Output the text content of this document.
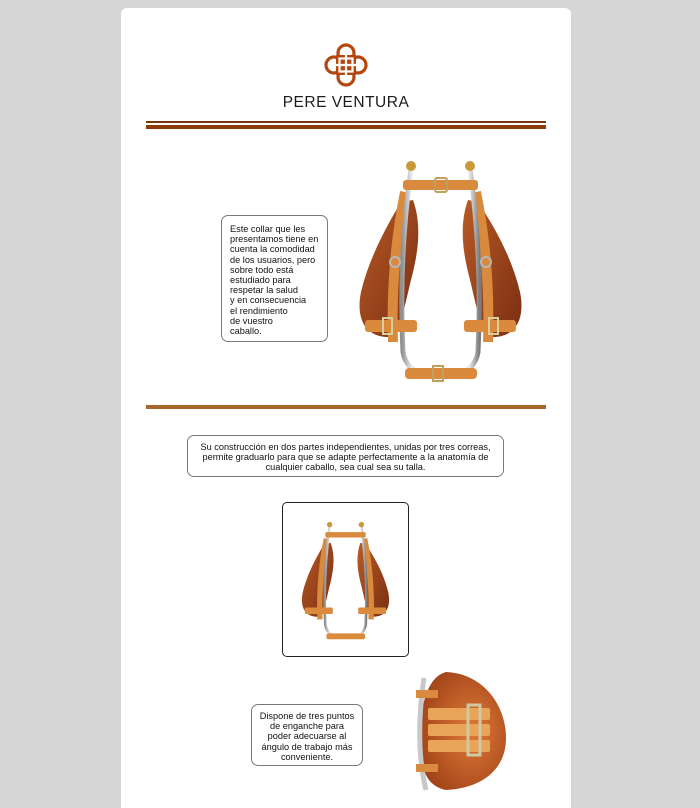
PERE VENTURA
Este collar que les
presentamos tiene en
cuenta la comodidad
de los usuarios, pero
sobre todo está
estudiado para
respetar la salud
y en consecuencia
el rendimiento
de vuestro
caballo.
Su construcción en dos partes independientes, unidas por tres correas, permite graduarlo para que se adapte perfectamente a la anatomía de cualquier caballo, sea cual sea su talla.
Dispone de tres puntos de enganche para poder adecuarse al ángulo de trabajo más conveniente.
